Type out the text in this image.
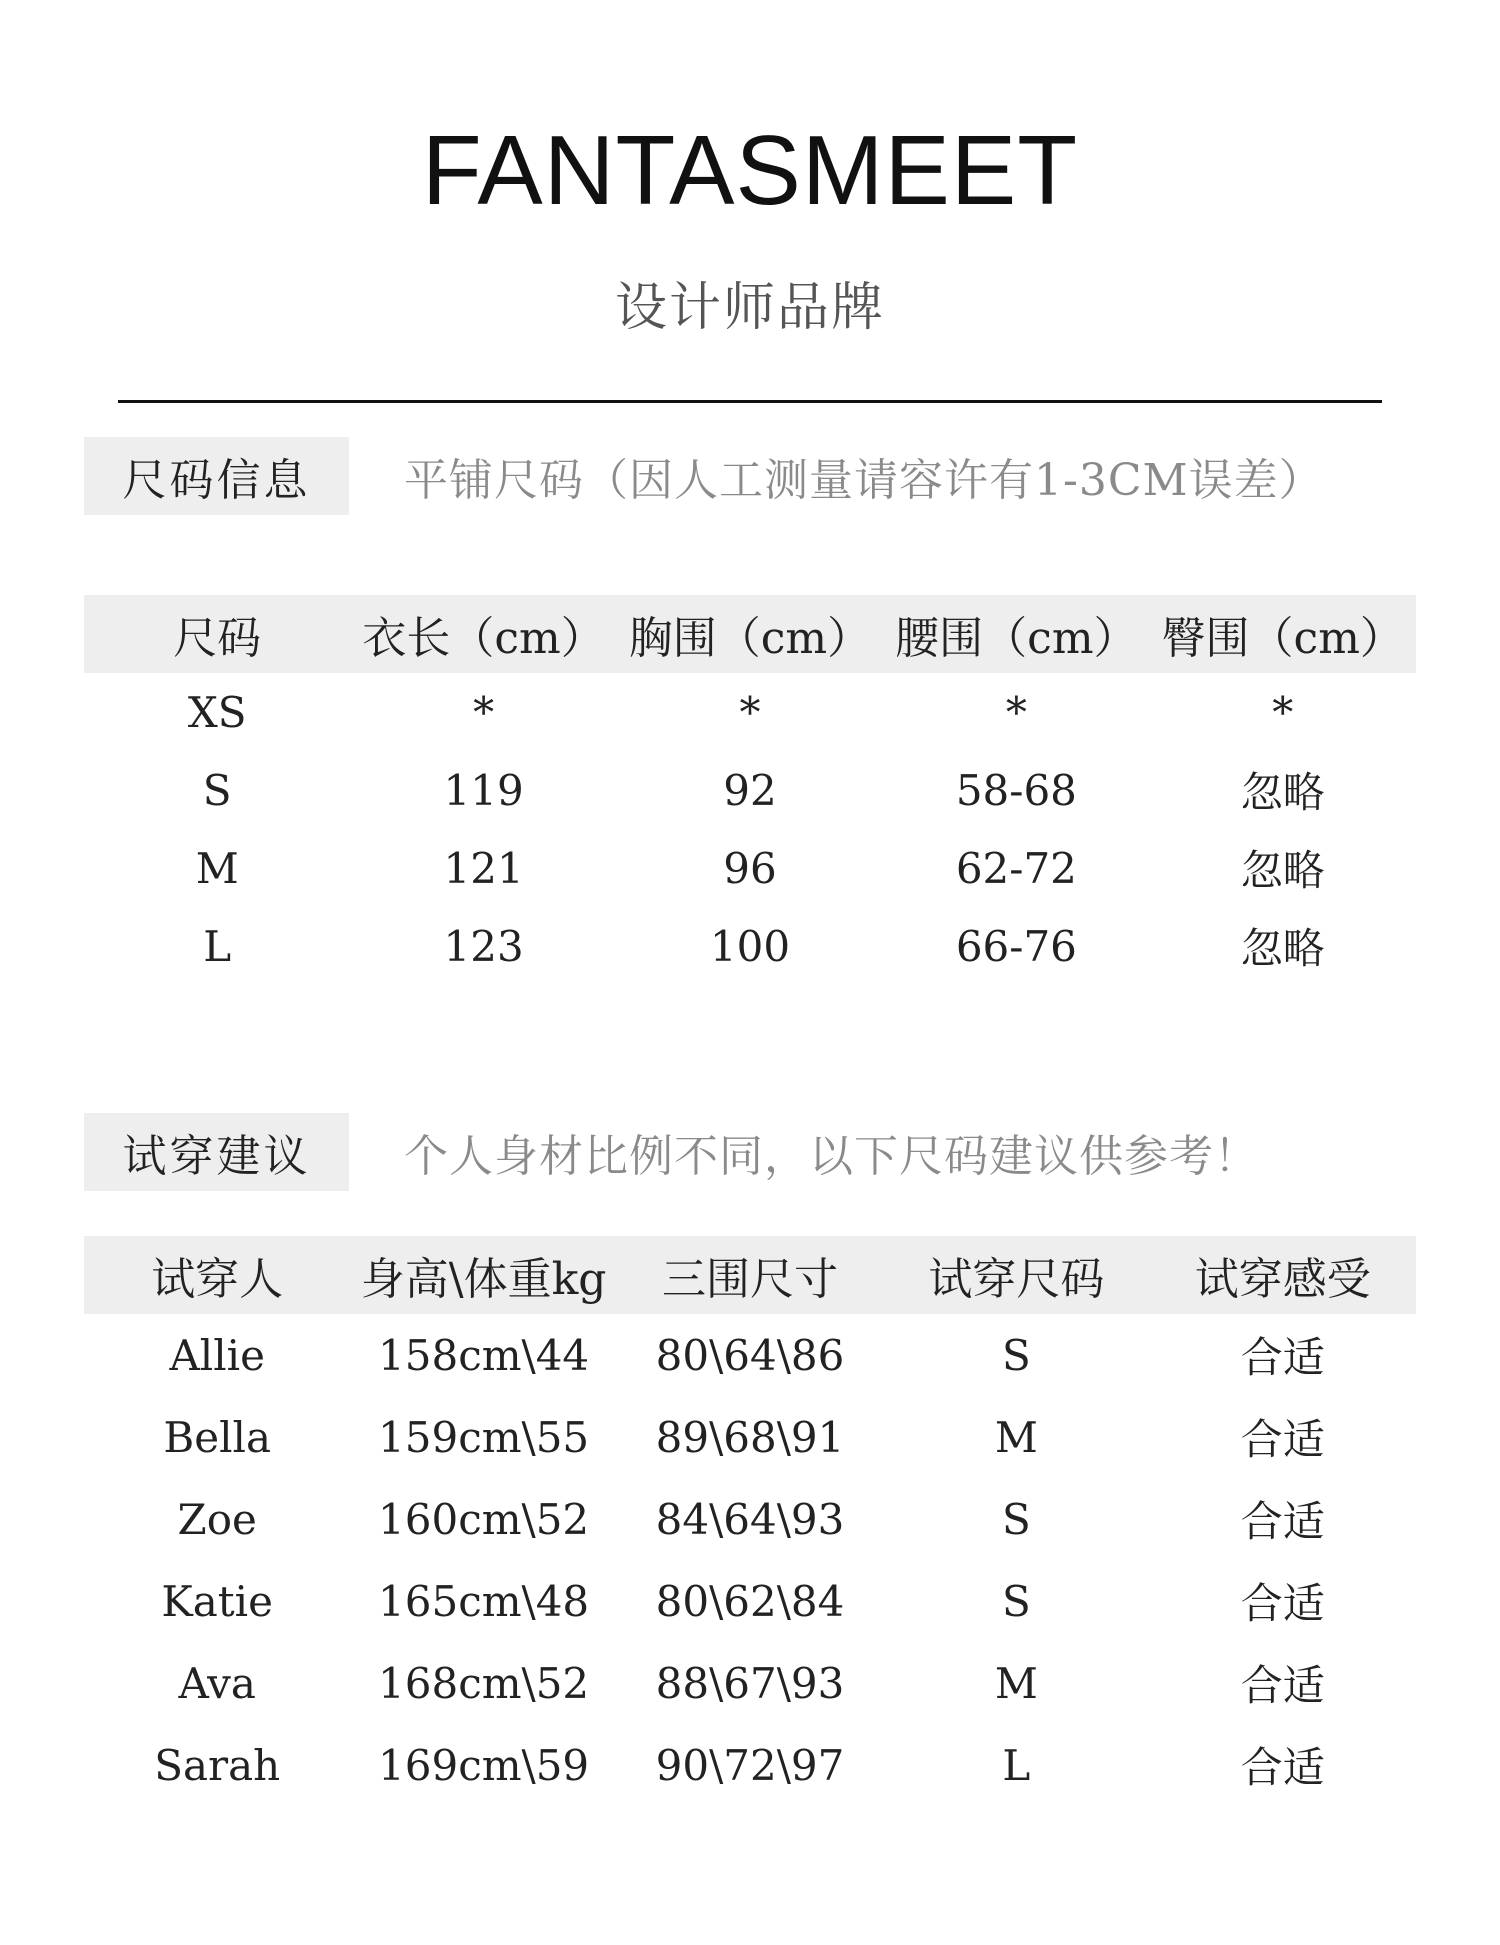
FANTASMEET
设计师品牌
尺码信息	平铺尺码（因人工测量请容许有1-3CM误差）
尺码	衣长（cm） 胸围（cm） 腰围（cm） 臀围（cm）
XS	*	*	*	*
S	119	92	58-68	忽略
M	121	96	62-72	忽略
L	123	100	66-76	忽略
试穿建议	个人身材比例不同，以下尺码建议供参考！
试穿人	身高\体重kg	三围尺寸	试穿尺码	试穿感受
Allie	158cm\44	80\64\86	S	合适
Bella	159cm\55	89\68\91	M	合适
Zoe	160cm\52	84\64\93	S	合适
Katie	165cm\48	80\62\84	S	合适
Ava	168cm\52	88\67\93	M	合适
Sarah	169cm\59	90\72\97	L	合适
